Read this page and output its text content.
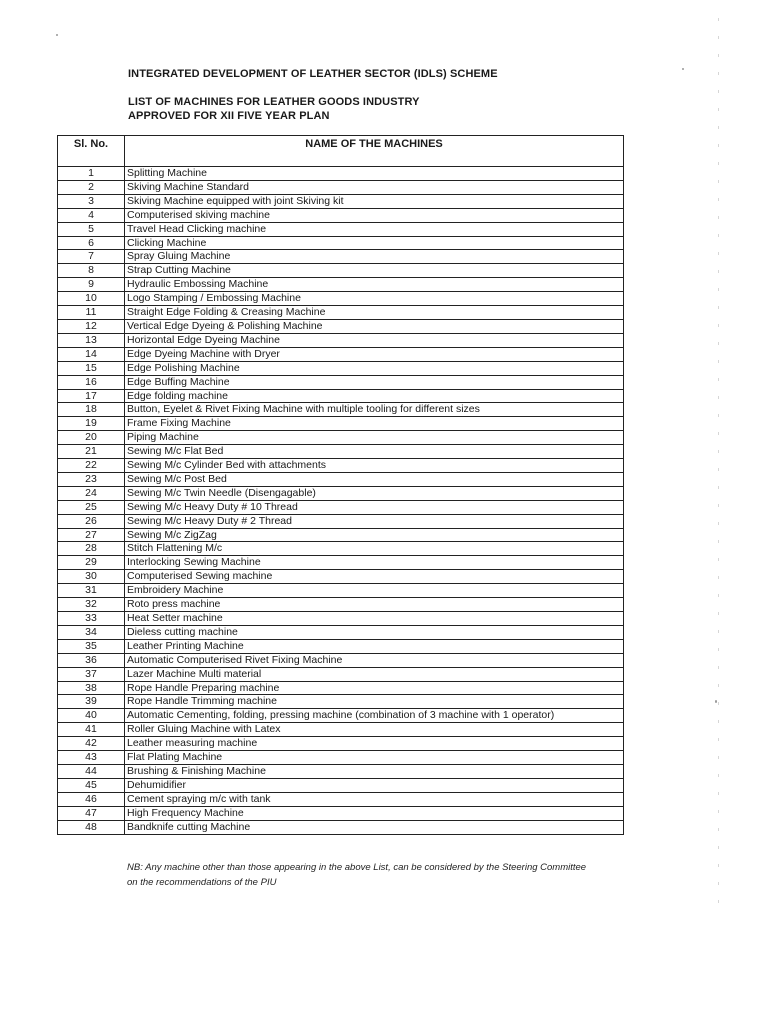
INTEGRATED DEVELOPMENT OF LEATHER SECTOR (IDLS) SCHEME
LIST OF MACHINES FOR LEATHER GOODS INDUSTRY
APPROVED FOR XII FIVE YEAR PLAN
Sl. No.	NAME OF THE MACHINES
1	Splitting Machine
2	Skiving Machine Standard
3	Skiving Machine equipped with joint Skiving kit
4	Computerised skiving machine
5	Travel Head Clicking machine
6	Clicking Machine
7	Spray Gluing Machine
8	Strap Cutting Machine
9	Hydraulic Embossing Machine
10	Logo Stamping / Embossing Machine
11	Straight Edge Folding & Creasing Machine
12	Vertical Edge Dyeing & Polishing Machine
13	Horizontal Edge Dyeing Machine
14	Edge Dyeing Machine with Dryer
15	Edge Polishing Machine
16	Edge Buffing Machine
17	Edge folding machine
18	Button, Eyelet & Rivet Fixing Machine with multiple tooling for different sizes
19	Frame Fixing Machine
20	Piping Machine
21	Sewing M/c Flat Bed
22	Sewing M/c Cylinder Bed with attachments
23	Sewing M/c Post Bed
24	Sewing M/c Twin Needle (Disengagable)
25	Sewing M/c Heavy Duty # 10 Thread
26	Sewing M/c Heavy Duty # 2 Thread
27	Sewing M/c ZigZag
28	Stitch Flattening M/c
29	Interlocking Sewing Machine
30	Computerised Sewing machine
31	Embroidery Machine
32	Roto press machine
33	Heat Setter machine
34	Dieless cutting machine
35	Leather Printing Machine
36	Automatic Computerised Rivet Fixing Machine
37	Lazer Machine Multi material
38	Rope Handle Preparing machine
39	Rope Handle Trimming machine
40	Automatic Cementing, folding, pressing machine (combination of 3 machine with 1 operator)
41	Roller Gluing Machine with Latex
42	Leather measuring machine
43	Flat Plating Machine
44	Brushing & Finishing Machine
45	Dehumidifier
46	Cement spraying m/c with tank
47	High Frequency Machine
48	Bandknife cutting Machine
NB: Any machine other than those appearing in the above List, can be considered by the Steering Committee on the recommendations of the PIU
